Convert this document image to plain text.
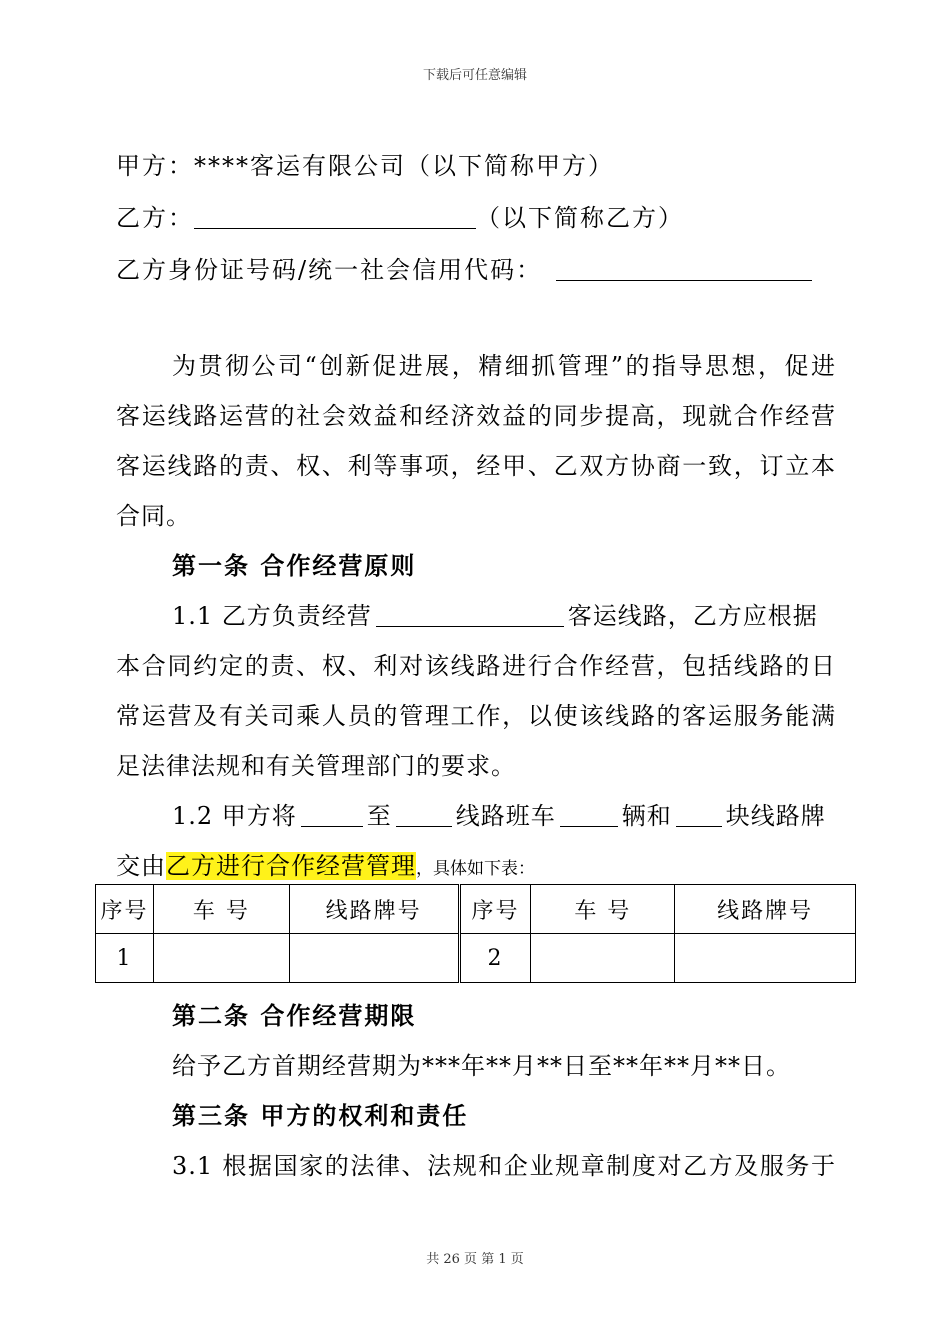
下载后可任意编辑
甲方：****客运有限公司（以下简称甲方）
乙方：	（以下简称乙方）
乙方身份证号码/统一社会信用代码：
为贯彻公司“创新促进展，精细抓管理”的指导思想，促进
客运线路运营的社会效益和经济效益的同步提高，现就合作经营
客运线路的责、权、利等事项，经甲、乙双方协商一致，订立本
合同。
第一条 合作经营原则
1.1 乙方负责经营	客运线路，乙方应根据
本合同约定的责、权、利对该线路进行合作经营，包括线路的日
常运营及有关司乘人员的管理工作，以使该线路的客运服务能满
足法律法规和有关管理部门的要求。
1.2 甲方将	至	线路班车	辆和 块线路牌
交由乙方进行合作经营管理，具体如下表：
序号	车 号	线路牌号	序号	车 号	线路牌号
1			2		
第二条 合作经营期限
给予乙方首期经营期为***年**月**日至**年**月**日。
第三条 甲方的权利和责任
3.1 根据国家的法律、法规和企业规章制度对乙方及服务于
共 26 页 第 1 页
